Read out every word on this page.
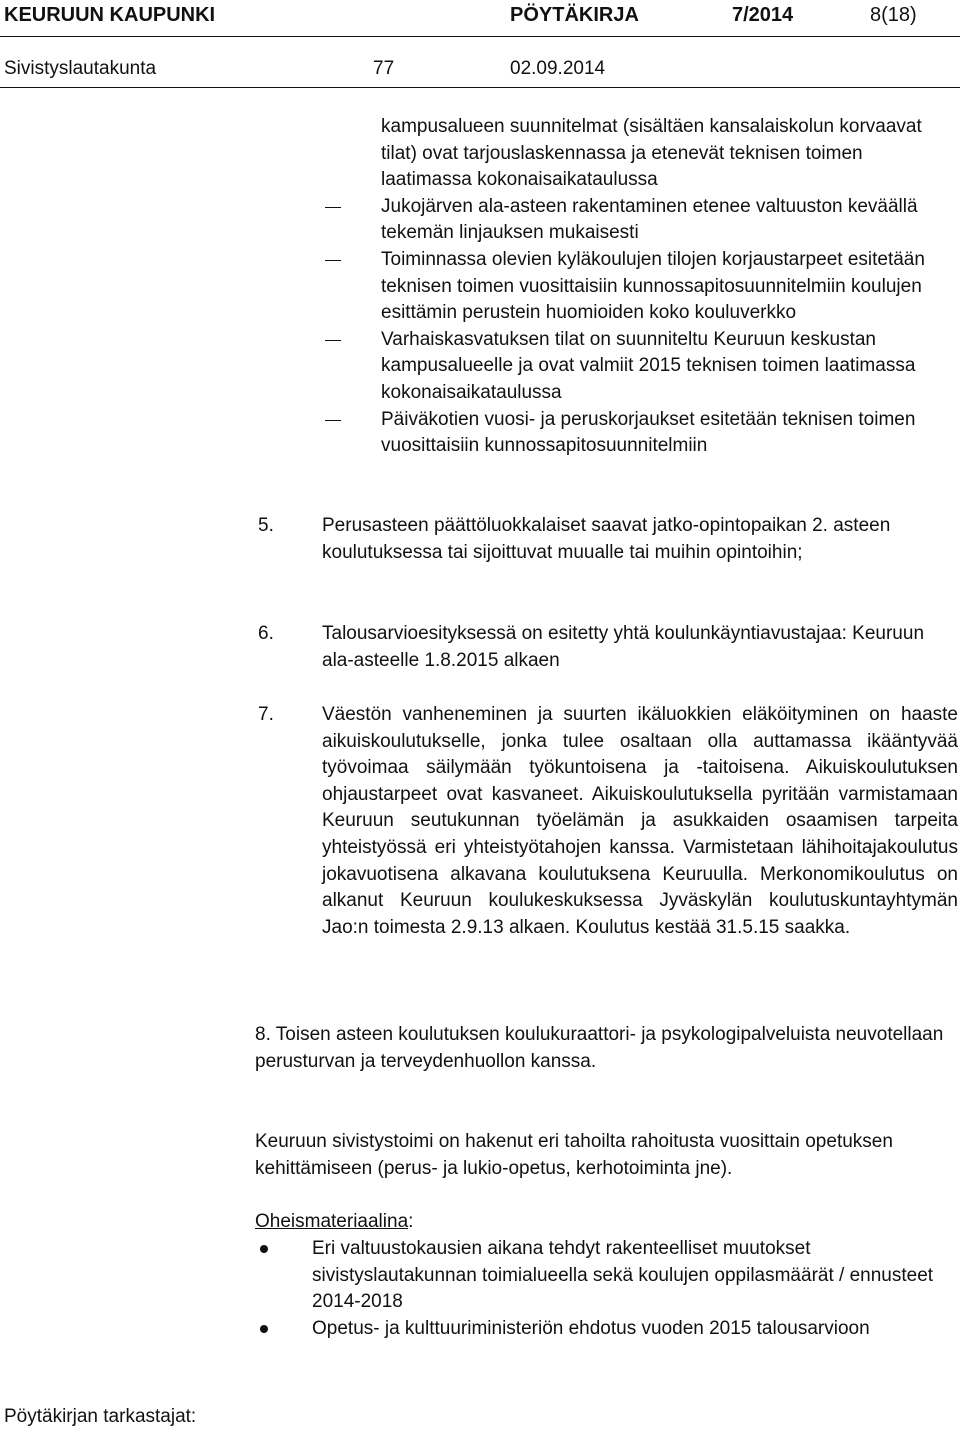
KEURUUN KAUPUNKI	PÖYTÄKIRJA	7/2014	8(18)
Sivistyslautakunta	77	02.09.2014
kampusalueen suunnitelmat (sisältäen kansalaiskolun korvaavat tilat) ovat tarjouslaskennassa ja etenevät teknisen toimen laatimassa kokonaisaikataulussa
Jukojärven ala-asteen rakentaminen etenee valtuuston keväällä tekemän linjauksen mukaisesti
Toiminnassa olevien kyläkoulujen tilojen korjaustarpeet esitetään teknisen toimen vuosittaisiin kunnossapitosuunnitelmiin koulujen esittämin perustein huomioiden koko kouluverkko
Varhaiskasvatuksen tilat on suunniteltu Keuruun keskustan kampusalueelle ja ovat valmiit 2015 teknisen toimen laatimassa kokonaisaikataulussa
Päiväkotien vuosi- ja peruskorjaukset esitetään teknisen toimen vuosittaisiin kunnossapitosuunnitelmiin
5.	Perusasteen päättöluokkalaiset saavat jatko-opintopaikan 2. asteen koulutuksessa tai sijoittuvat muualle tai muihin opintoihin;
6.	Talousarvioesityksessä on esitetty yhtä koulunkäyntiavustajaa: Keuruun ala-asteelle 1.8.2015 alkaen
7.	Väestön vanheneminen ja suurten ikäluokkien eläköityminen on haaste aikuiskoulutukselle, jonka tulee osaltaan olla auttamassa ikääntyvää työvoimaa säilymään työkuntoisena ja -taitoisena. Aikuiskoulutuksen ohjaustarpeet ovat kasvaneet. Aikuiskoulutuksella pyritään varmistamaan Keuruun seutukunnan työelämän ja asukkaiden osaamisen tarpeita yhteistyössä eri yhteistyötahojen kanssa. Varmistetaan lähihoitajakoulutus jokavuotisena alkavana koulutuksena Keuruulla. Merkonomikoulutus on alkanut Keuruun koulukeskuksessa Jyväskylän koulutuskuntayhtymän Jao:n toimesta 2.9.13 alkaen. Koulutus kestää 31.5.15 saakka.
8. Toisen asteen koulutuksen koulukuraattori- ja psykologipalveluista neuvotellaan perusturvan ja terveydenhuollon kanssa.
Keuruun sivistystoimi on hakenut eri tahoilta rahoitusta vuosittain opetuksen kehittämiseen (perus- ja lukio-opetus, kerhotoiminta jne).
Oheismateriaalina:
Eri valtuustokausien aikana tehdyt rakenteelliset muutokset sivistyslautakunnan toimialueella sekä koulujen oppilasmäärät / ennusteet 2014-2018
Opetus- ja kulttuuriministeriön ehdotus vuoden 2015 talousarvioon
Pöytäkirjan tarkastajat:
